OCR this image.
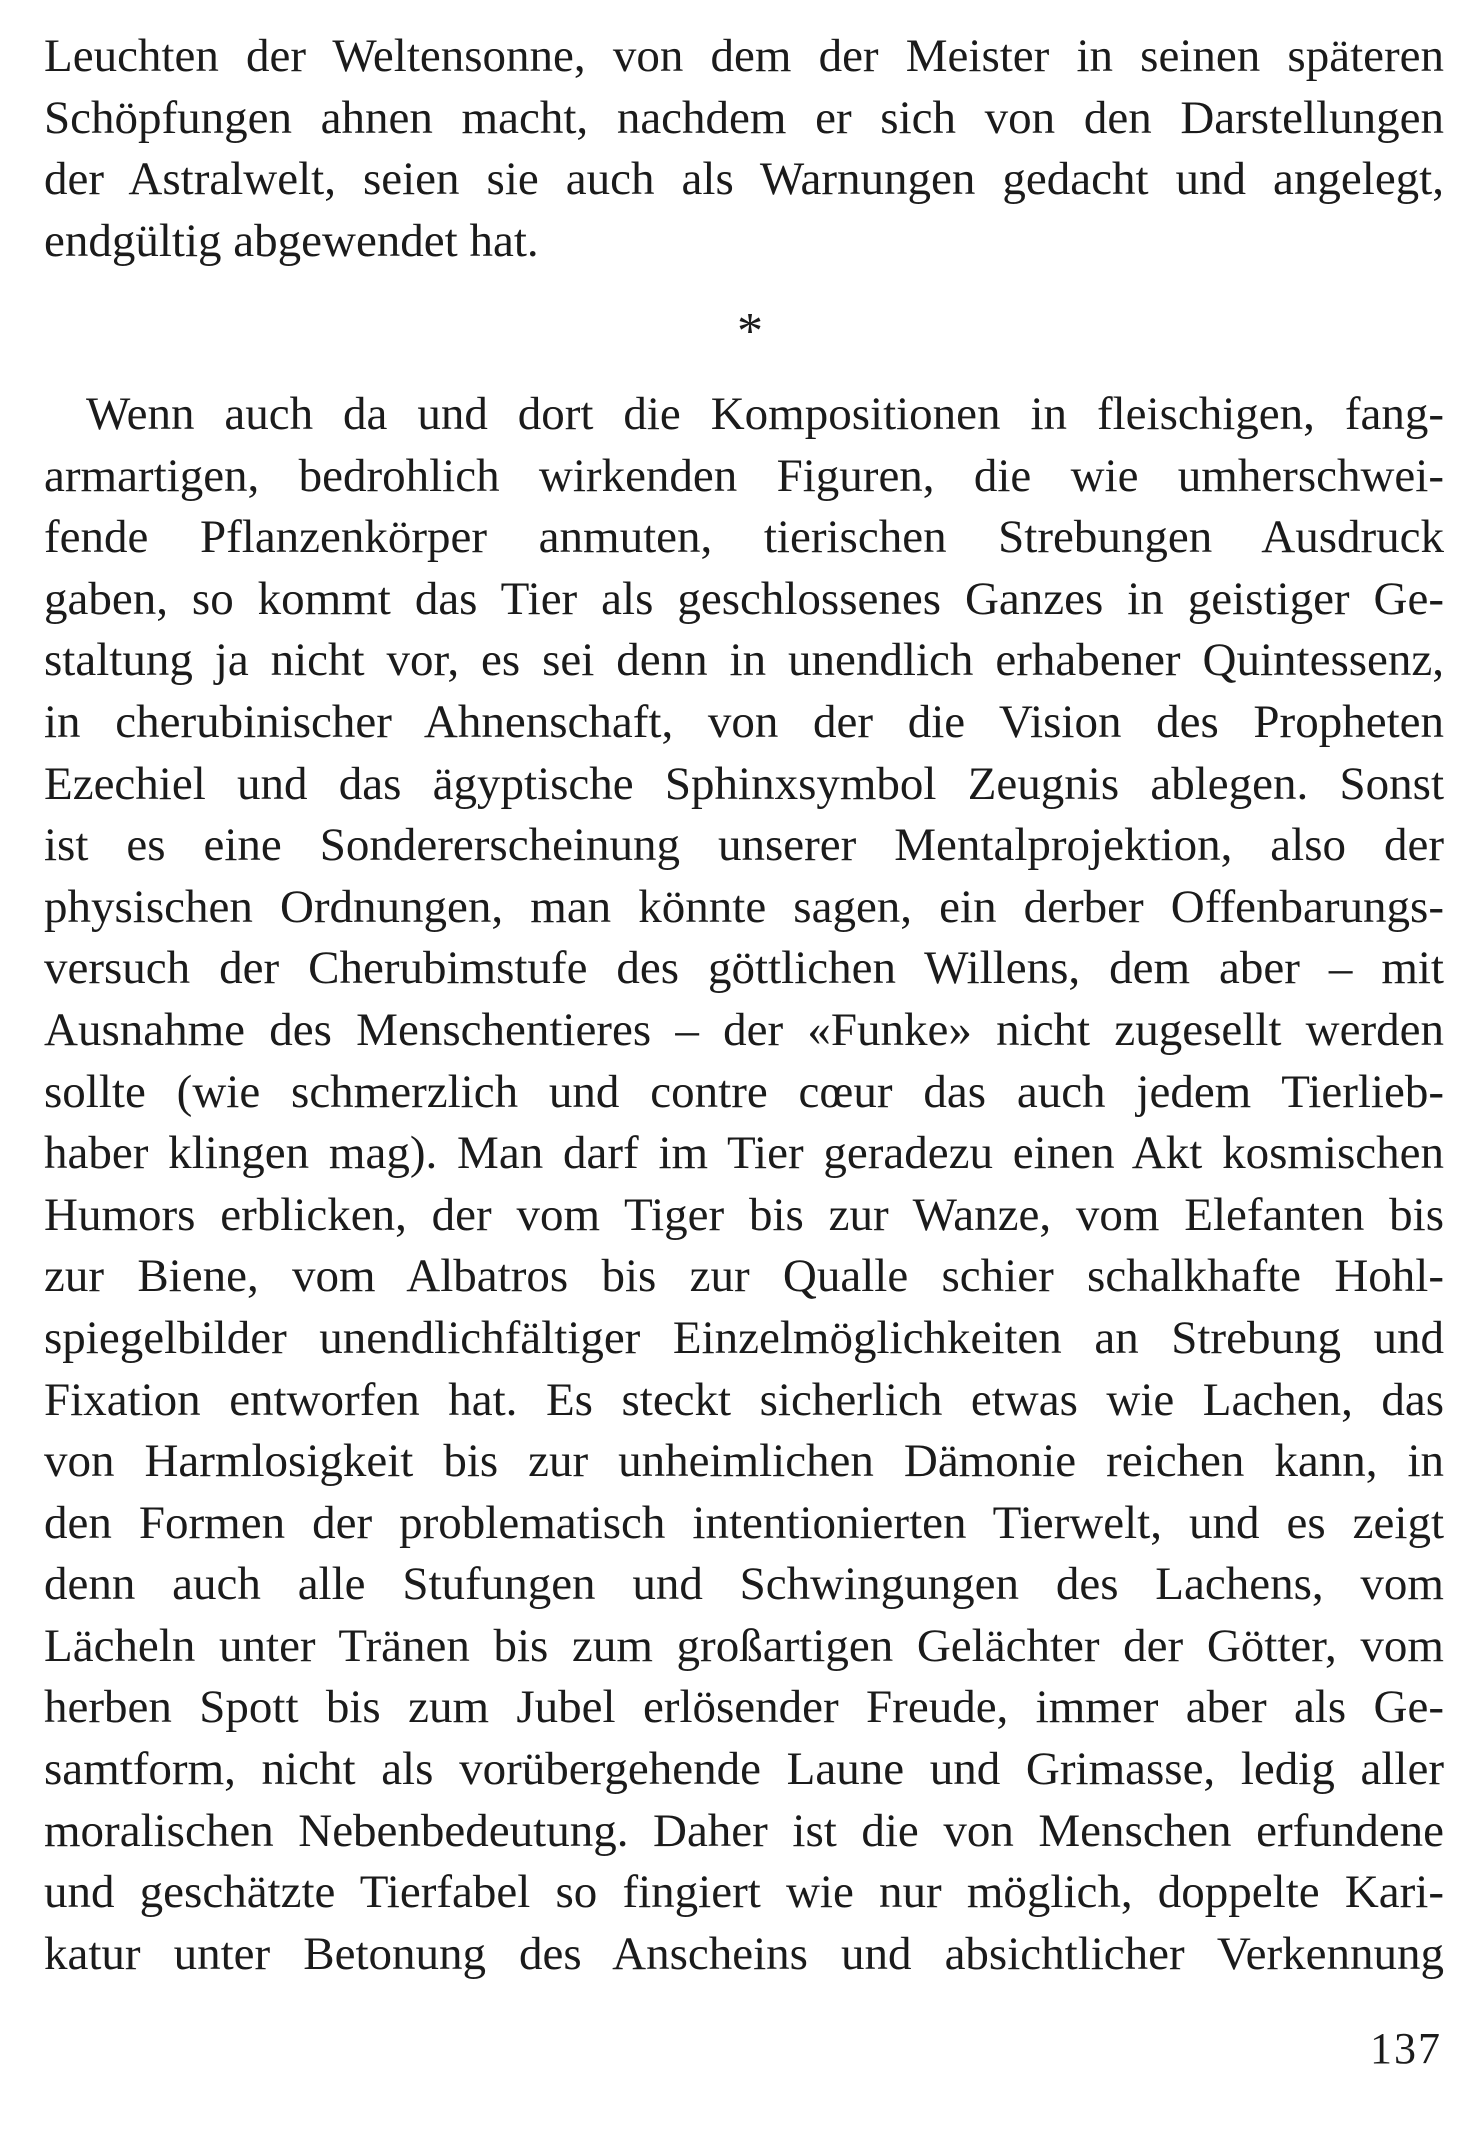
Leuchten der Weltensonne, von dem der Meister in seinen späteren
Schöpfungen ahnen macht, nachdem er sich von den Darstellungen
der Astralwelt, seien sie auch als Warnungen gedacht und angelegt,
endgültig abgewendet hat.

*

Wenn auch da und dort die Kompositionen in fleischigen, fang-
armartigen, bedrohlich wirkenden Figuren, die wie umherschwei-
fende Pflanzenkörper anmuten, tierischen Strebungen Ausdruck
gaben, so kommt das Tier als geschlossenes Ganzes in geistiger Ge-
staltung ja nicht vor, es sei denn in unendlich erhabener Quintessenz,
in cherubinischer Ahnenschaft, von der die Vision des Propheten
Ezechiel und das ägyptische Sphinxsymbol Zeugnis ablegen. Sonst
ist es eine Sondererscheinung unserer Mentalprojektion, also der
physischen Ordnungen, man könnte sagen, ein derber Offenbarungs-
versuch der Cherubimstufe des göttlichen Willens, dem aber – mit
Ausnahme des Menschentieres – der «Funke» nicht zugesellt werden
sollte (wie schmerzlich und contre cœur das auch jedem Tierlieb-
haber klingen mag). Man darf im Tier geradezu einen Akt kosmischen
Humors erblicken, der vom Tiger bis zur Wanze, vom Elefanten bis
zur Biene, vom Albatros bis zur Qualle schier schalkhafte Hohl-
spiegelbilder unendlichfältiger Einzelmöglichkeiten an Strebung und
Fixation entworfen hat. Es steckt sicherlich etwas wie Lachen, das
von Harmlosigkeit bis zur unheimlichen Dämonie reichen kann, in
den Formen der problematisch intentionierten Tierwelt, und es zeigt
denn auch alle Stufungen und Schwingungen des Lachens, vom
Lächeln unter Tränen bis zum großartigen Gelächter der Götter, vom
herben Spott bis zum Jubel erlösender Freude, immer aber als Ge-
samtform, nicht als vorübergehende Laune und Grimasse, ledig aller
moralischen Nebenbedeutung. Daher ist die von Menschen erfundene
und geschätzte Tierfabel so fingiert wie nur möglich, doppelte Kari-
katur unter Betonung des Anscheins und absichtlicher Verkennung

137
